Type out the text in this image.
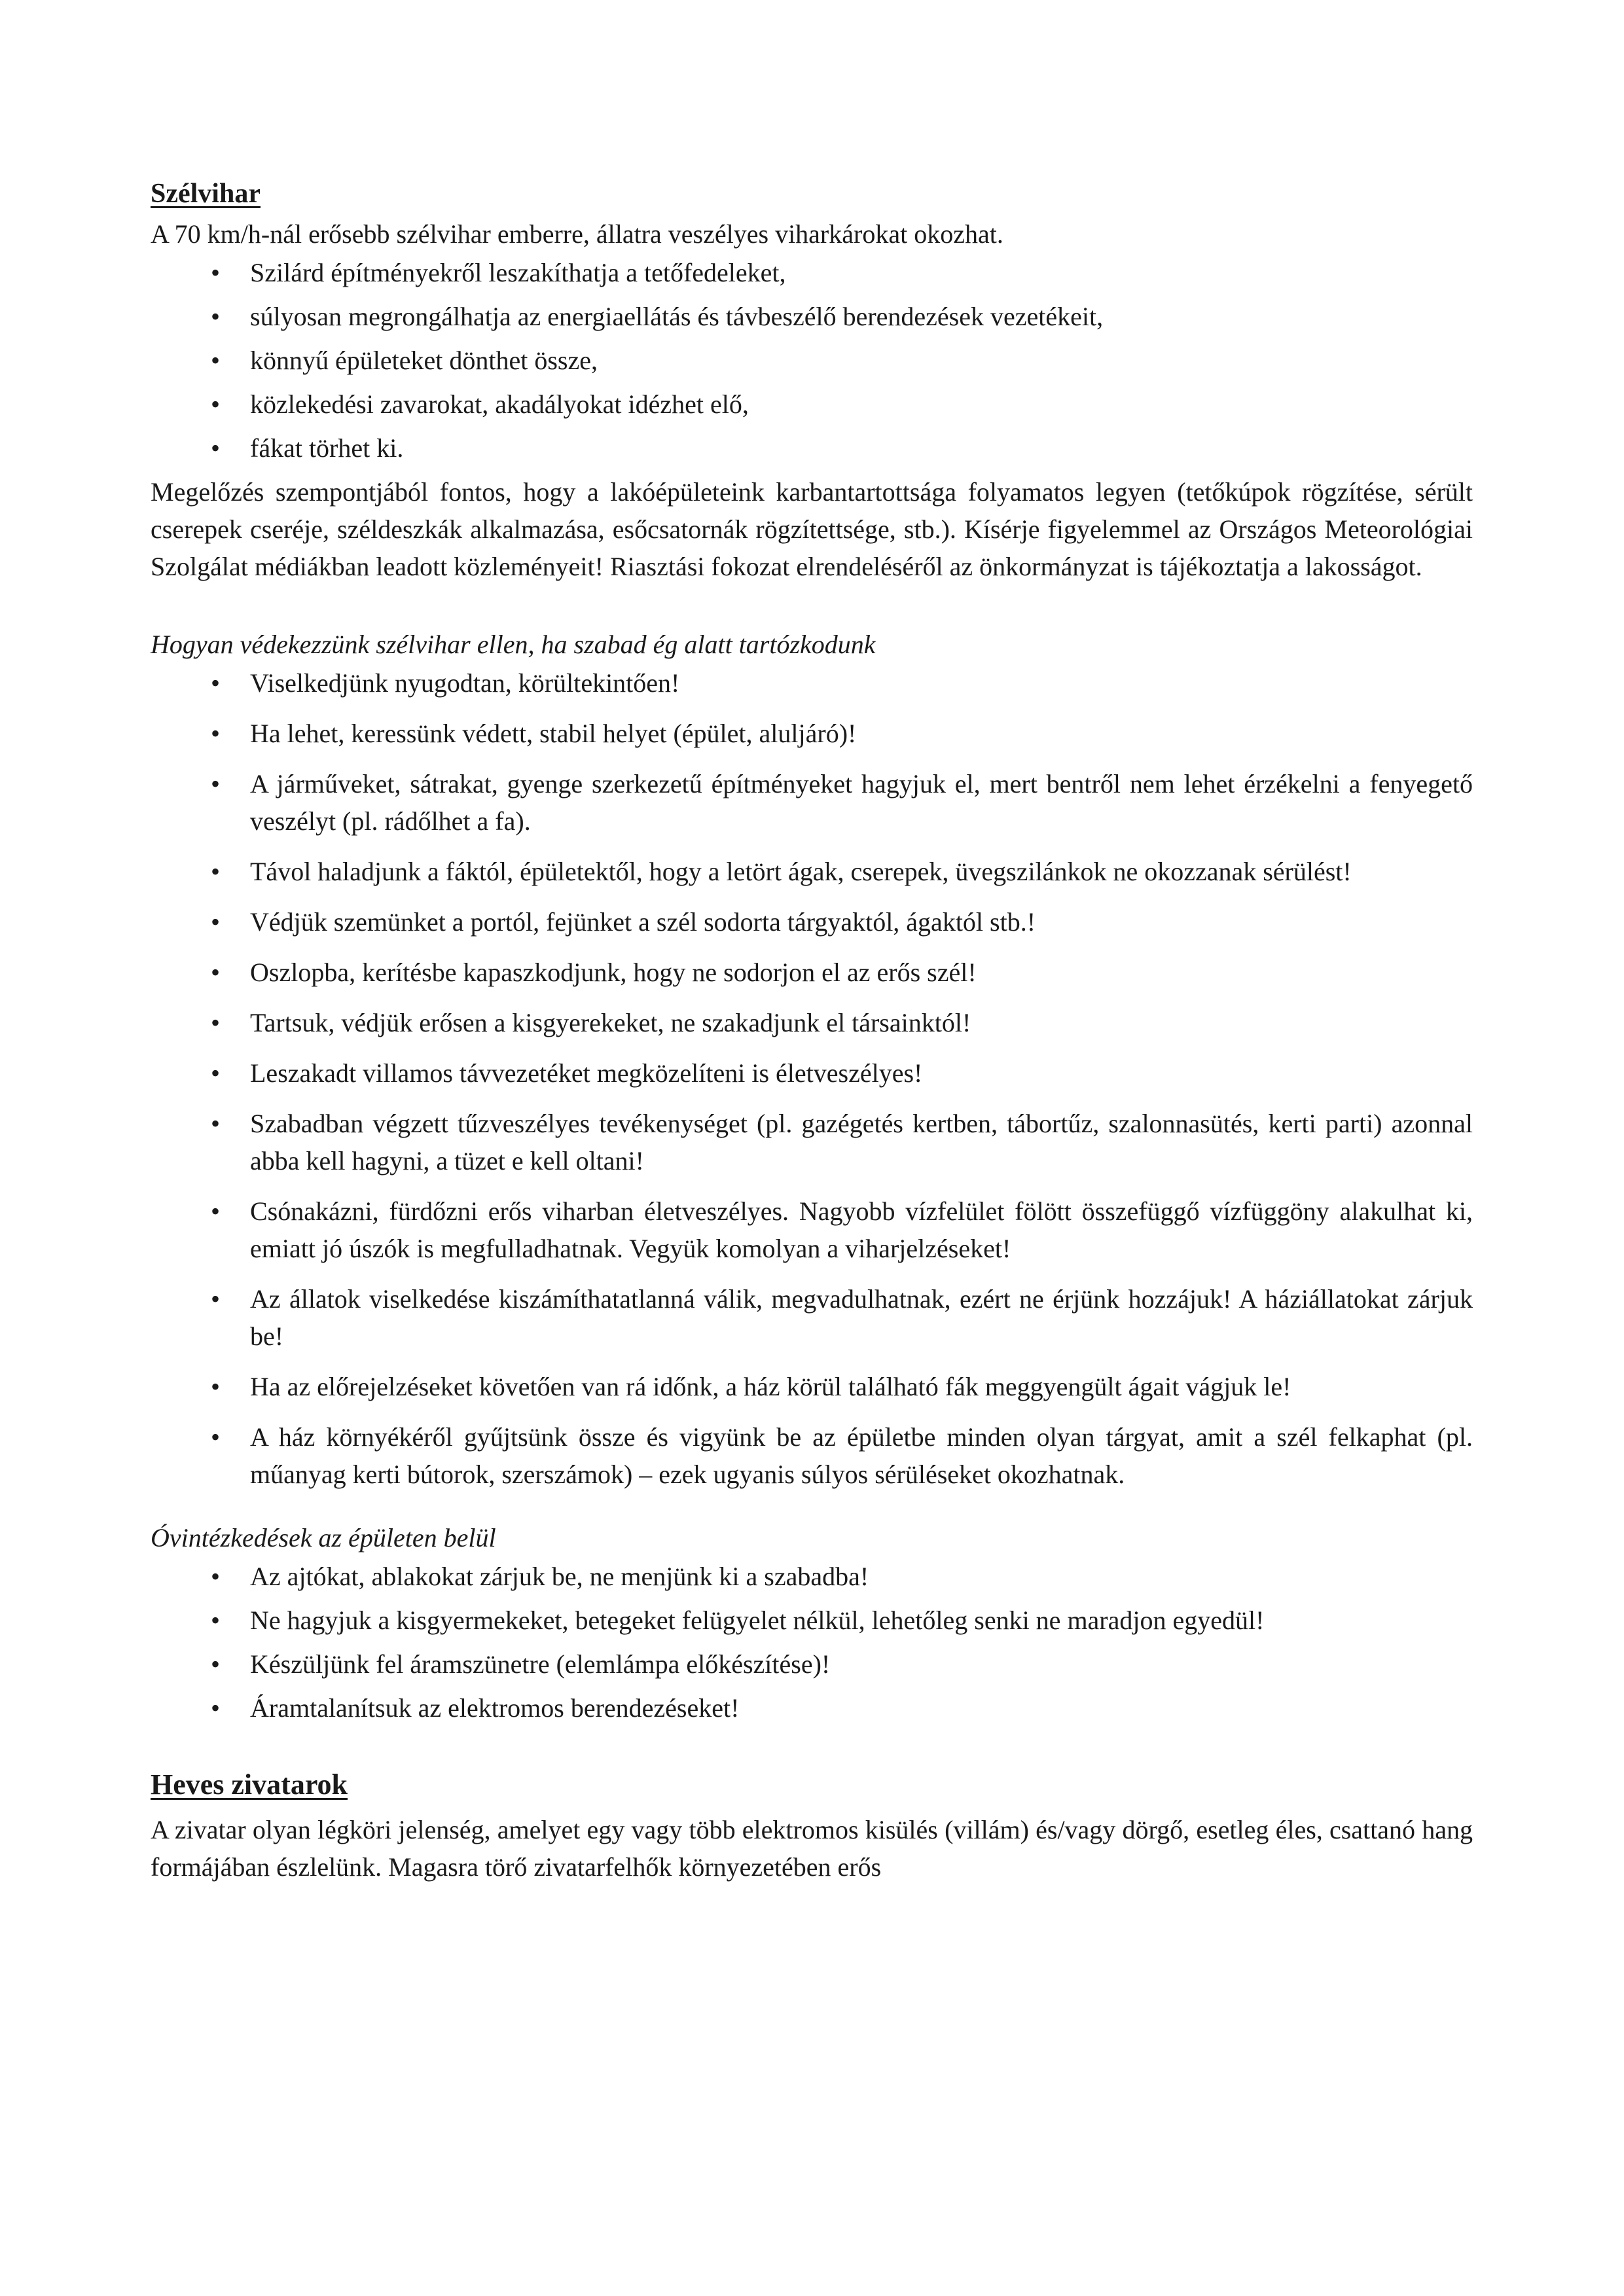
Szélvihar

A 70 km/h-nál erősebb szélvihar emberre, állatra veszélyes viharkárokat okozhat.

• Szilárd építményekről leszakíthatja a tetőfedeleket,
• súlyosan megrongálhatja az energiaellátás és távbeszélő berendezések vezetékeit,
• könnyű épületeket dönthet össze,
• közlekedési zavarokat, akadályokat idézhet elő,
• fákat törhet ki.

Megelőzés szempontjából fontos, hogy a lakóépületeink karbantartottsága folyamatos legyen (tetőkúpok rögzítése, sérült cserepek cseréje, széldeszkák alkalmazása, esőcsatornák rögzítettsége, stb.). Kísérje figyelemmel az Országos Meteorológiai Szolgálat médiákban leadott közleményeit! Riasztási fokozat elrendeléséről az önkormányzat is tájékoztatja a lakosságot.

Hogyan védekezzünk szélvihar ellen, ha szabad ég alatt tartózkodunk

• Viselkedjünk nyugodtan, körültekintően!
• Ha lehet, keressünk védett, stabil helyet (épület, aluljáró)!
• A járműveket, sátrakat, gyenge szerkezetű építményeket hagyjuk el, mert bentről nem lehet érzékelni a fenyegető veszélyt (pl. rádőlhet a fa).
• Távol haladjunk a fáktól, épületektől, hogy a letört ágak, cserepek, üvegszilánkok ne okozzanak sérülést!
• Védjük szemünket a portól, fejünket a szél sodorta tárgyaktól, ágaktól stb.!
• Oszlopba, kerítésbe kapaszkodjunk, hogy ne sodorjon el az erős szél!
• Tartsuk, védjük erősen a kisgyerekeket, ne szakadjunk el társainktól!
• Leszakadt villamos távvezetéket megközelíteni is életveszélyes!
• Szabadban végzett tűzveszélyes tevékenységet (pl. gazégetés kertben, tábortűz, szalonnasütés, kerti parti) azonnal abba kell hagyni, a tüzet e kell oltani!
• Csónakázni, fürdőzni erős viharban életveszélyes. Nagyobb vízfelület fölött összefüggő vízfüggöny alakulhat ki, emiatt jó úszók is megfulladhatnak. Vegyük komolyan a viharjelzéseket!
• Az állatok viselkedése kiszámíthatatlanná válik, megvadulhatnak, ezért ne érjünk hozzájuk! A háziállatokat zárjuk be!
• Ha az előrejelzéseket követően van rá időnk, a ház körül található fák meggyengült ágait vágjuk le!
• A ház környékéről gyűjtsünk össze és vigyünk be az épületbe minden olyan tárgyat, amit a szél felkaphat (pl. műanyag kerti bútorok, szerszámok) – ezek ugyanis súlyos sérüléseket okozhatnak.

Óvintézkedések az épületen belül

• Az ajtókat, ablakokat zárjuk be, ne menjünk ki a szabadba!
• Ne hagyjuk a kisgyermekeket, betegeket felügyelet nélkül, lehetőleg senki ne maradjon egyedül!
• Készüljünk fel áramszünetre (elemlámpa előkészítése)!
• Áramtalanítsuk az elektromos berendezéseket!
Heves zivatarok

A zivatar olyan légköri jelenség, amelyet egy vagy több elektromos kisülés (villám) és/vagy dörgő, esetleg éles, csattanó hang formájában észlelünk. Magasra törő zivatarfelhők környezetében erős
